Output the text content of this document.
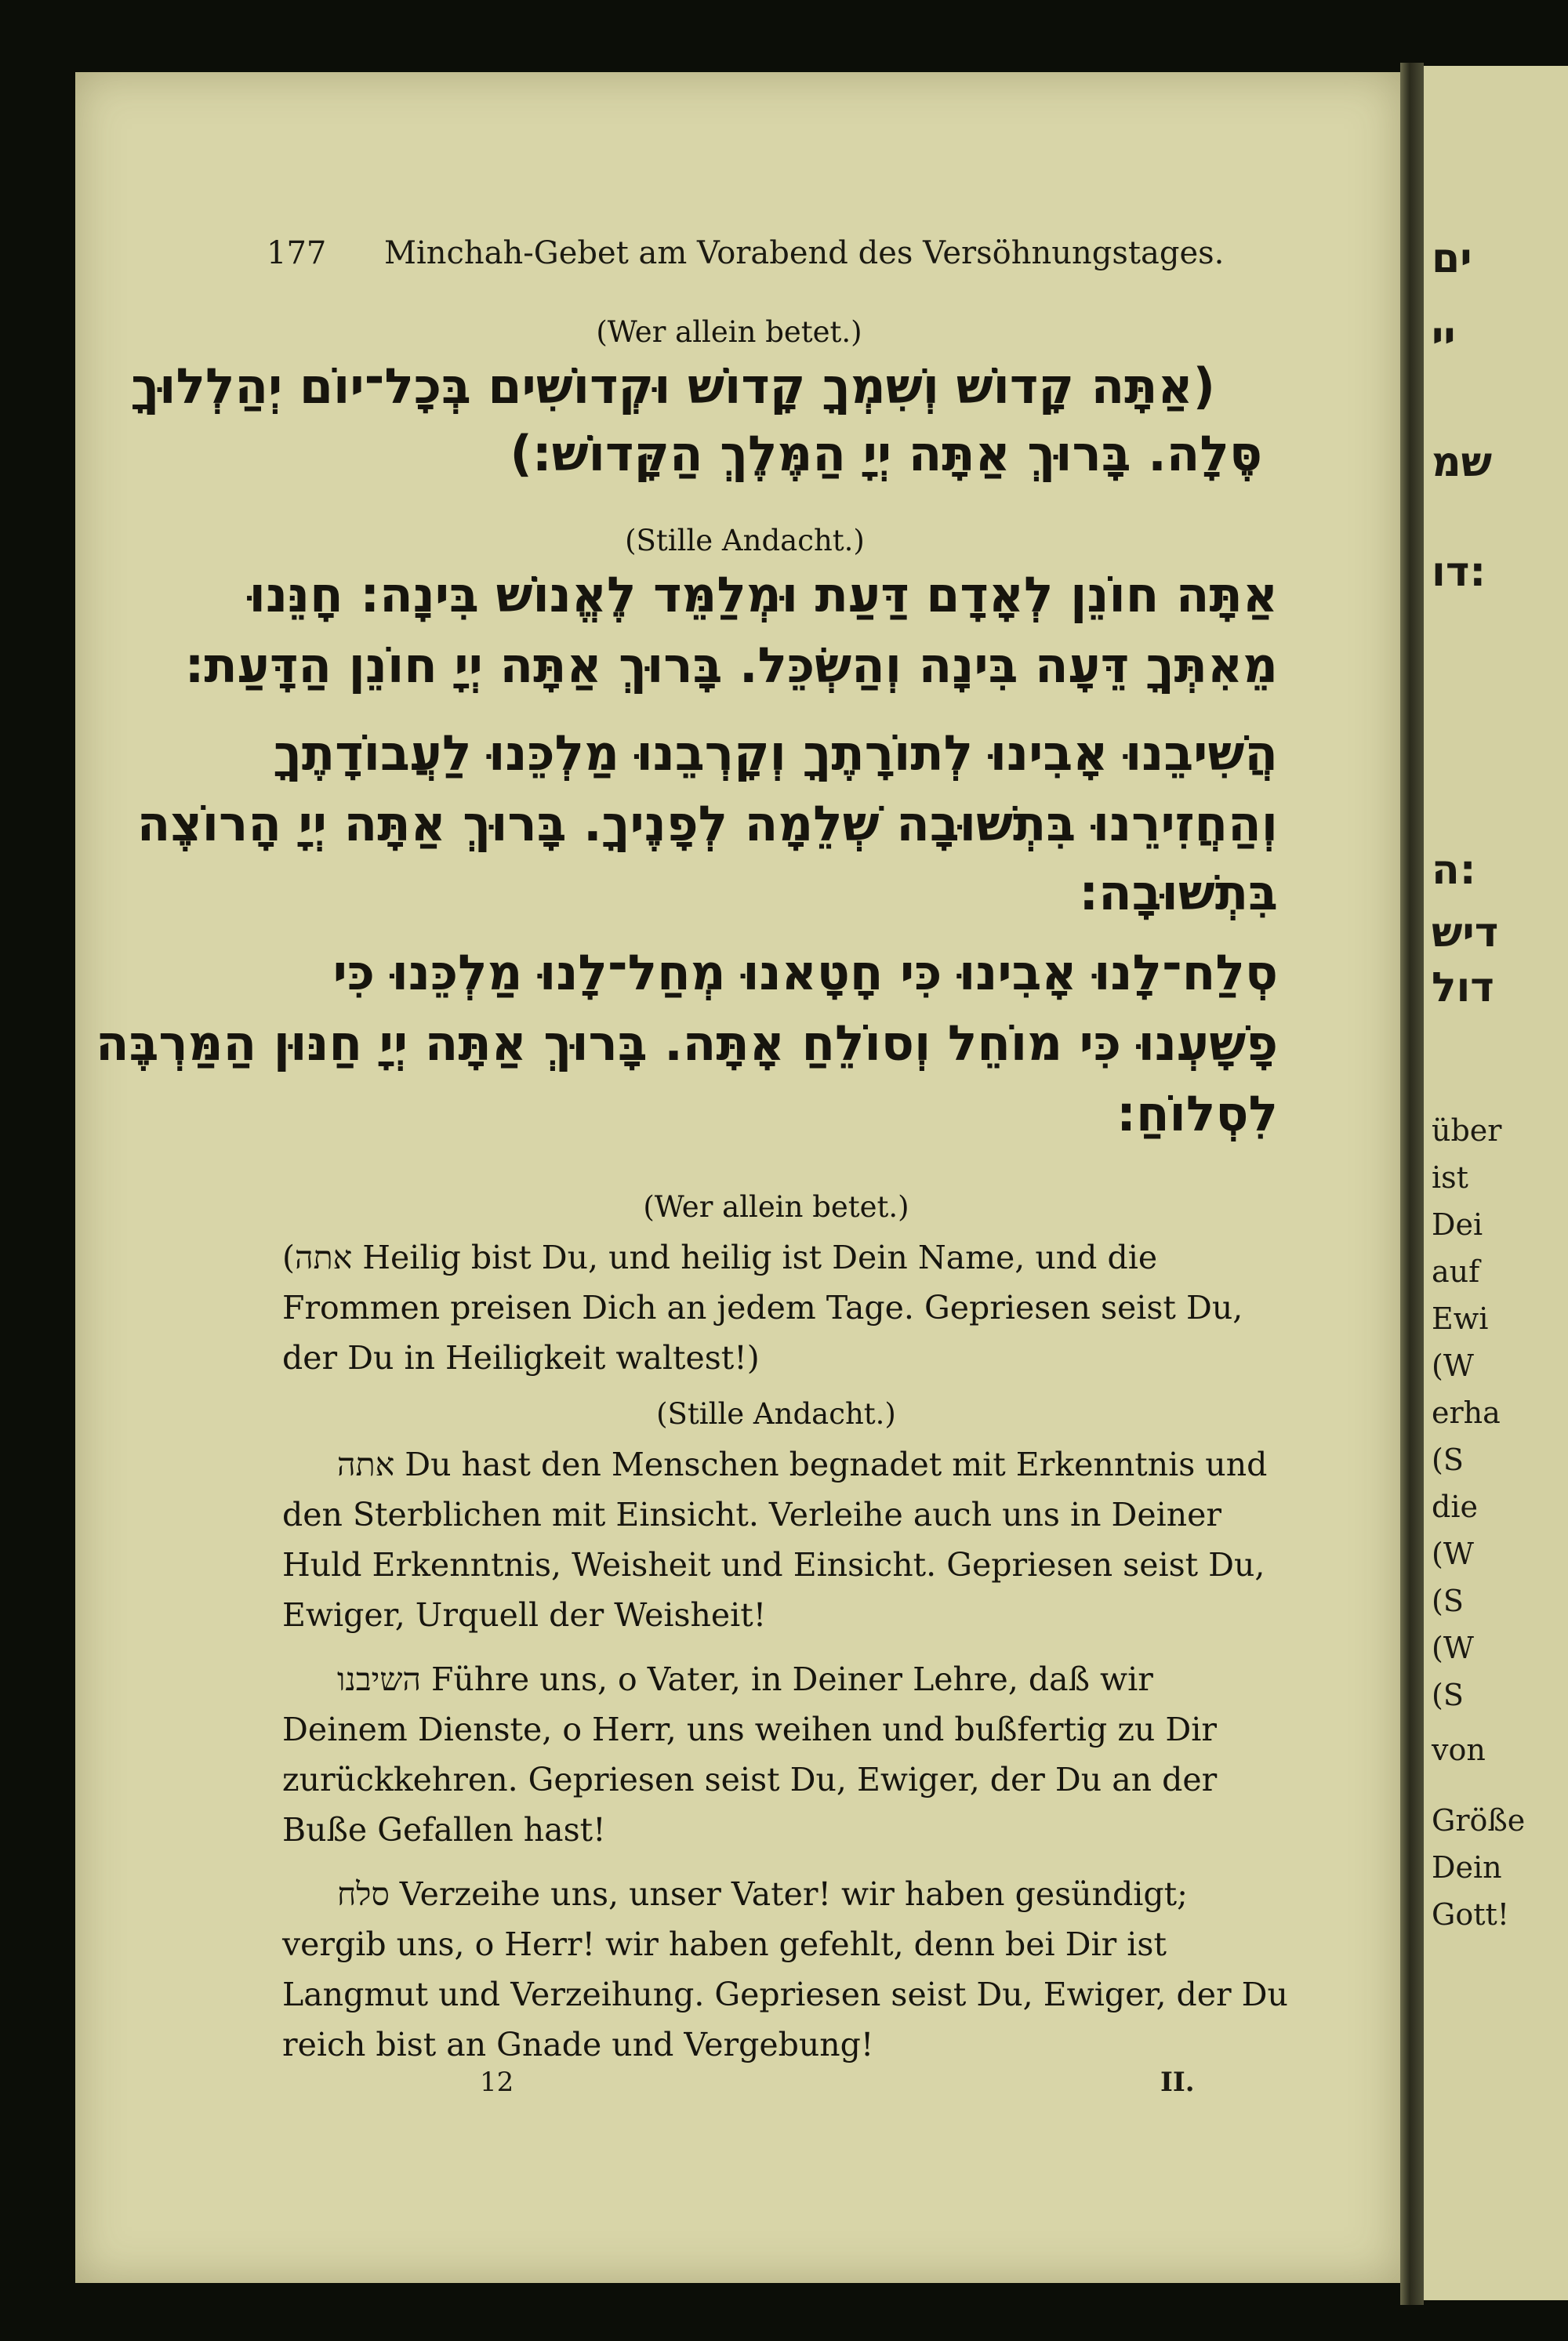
177 Minchah-Gebet am Vorabend des Versöhnungstages.
(Wer allein betet.)
(אַתָּה קָדוֹשׁ וְשִׁמְךָ קָדוֹשׁ וּקְדוֹשִׁים בְּכָל־יוֹם יְהַלְלוּךָ
סֶּלָה. בָּרוּךְ אַתָּה יְיָ הַמֶּלֶךְ הַקָּדוֹשׁ:)
(Stille Andacht.)
אַתָּה חוֹנֵן לְאָדָם דַּעַת וּמְלַמֵּד לֶאֱנוֹשׁ בִּינָה: חָנֵּנוּ
מֵאִתְּךָ דֵּעָה בִּינָה וְהַשְׂכֵּל. בָּרוּךְ אַתָּה יְיָ חוֹנֵן הַדָּעַת:
הֲשִׁיבֵנוּ אָבִינוּ לְתוֹרָתֶךָ וְקָרְבֵנוּ מַלְכֵּנוּ לַעֲבוֹדָתֶךָ
וְהַחֲזִירֵנוּ בִּתְשׁוּבָה שְׁלֵמָה לְפָנֶיךָ. בָּרוּךְ אַתָּה יְיָ הָרוֹצֶה
בִּתְשׁוּבָה:
סְלַח־לָנוּ אָבִינוּ כִּי חָטָאנוּ מְחַל־לָנוּ מַלְכֵּנוּ כִּי
פָשָׁעְנוּ כִּי מוֹחֵל וְסוֹלֵחַ אָתָּה. בָּרוּךְ אַתָּה יְיָ חַנּוּן הַמַּרְבֶּה
לִסְלוֹחַ:
(Wer allein betet.)
(אתה Heilig bist Du, und heilig ist Dein Name, und die
Frommen preisen Dich an jedem Tage. Gepriesen seist Du,
der Du in Heiligkeit waltest!)
(Stille Andacht.)
אתה Du hast den Menschen begnadet mit Erkenntnis und
den Sterblichen mit Einsicht. Verleihe auch uns in Deiner
Huld Erkenntnis, Weisheit und Einsicht. Gepriesen seist Du,
Ewiger, Urquell der Weisheit!
השיבנו Führe uns, o Vater, in Deiner Lehre, daß wir
Deinem Dienste, o Herr, uns weihen und bußfertig zu Dir
zurückkehren. Gepriesen seist Du, Ewiger, der Du an der
Buße Gefallen hast!
סלח Verzeihe uns, unser Vater! wir haben gesündigt;
vergib uns, o Herr! wir haben gefehlt, denn bei Dir ist
Langmut und Verzeihung. Gepriesen seist Du, Ewiger, der Du
reich bist an Gnade und Vergebung!
12	II.
ים
יי
שמ
דו:
ה:
דיש
דול
über
ist
Dei
auf
Ewi
(W
erha
(S
die
(W
(S
(W
(S
von
Größe
Dein
Gott!
